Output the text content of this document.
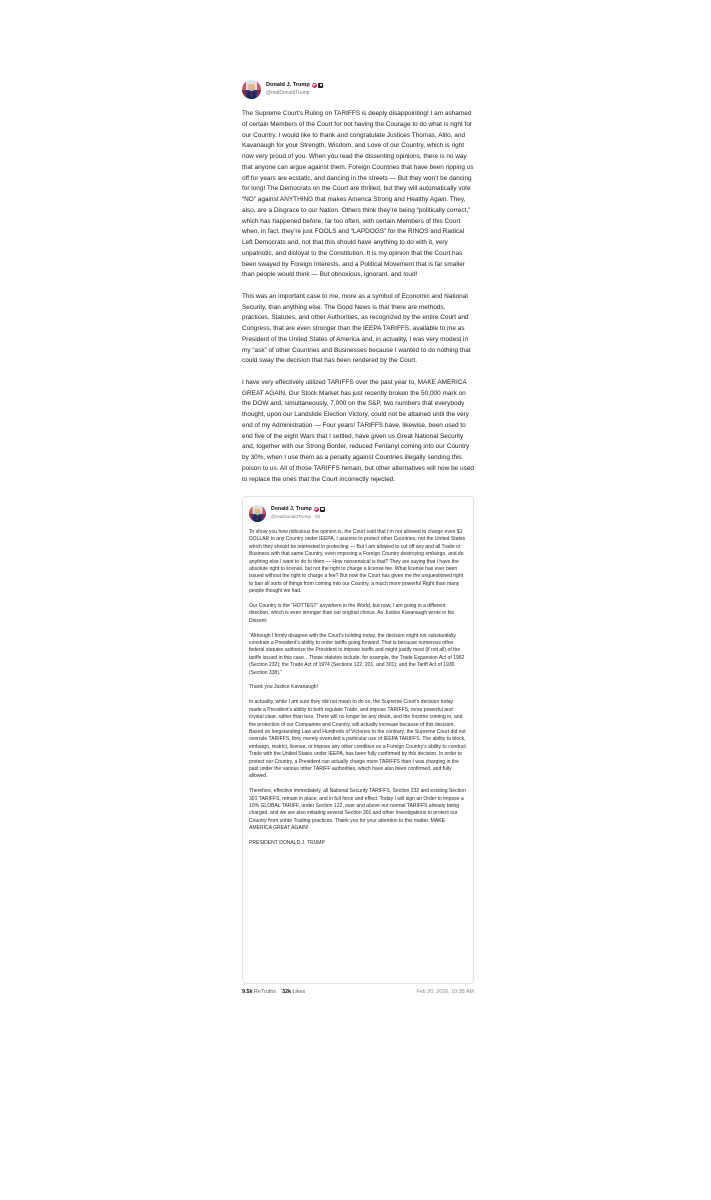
Donald J. Trump
@realDonaldTrump

The Supreme Court’s Ruling on TARIFFS is deeply disappointing! I am ashamed of certain Members of the Court for not having the Courage to do what is right for our Country. I would like to thank and congratulate Justices Thomas, Alito, and Kavanaugh for your Strength, Wisdom, and Love of our Country, which is right now very proud of you. When you read the dissenting opinions, there is no way that anyone can argue against them. Foreign Countries that have been ripping us off for years are ecstatic, and dancing in the streets — But they won’t be dancing for long! The Democrats on the Court are thrilled, but they will automatically vote “NO” against ANYTHING that makes America Strong and Healthy Again. They, also, are a Disgrace to our Nation. Others think they’re being “politically correct,” which has happened before, far too often, with certain Members of this Court when, in fact, they’re just FOOLS and “LAPDOGS” for the RINOS and Radical Left Democrats and, not that this should have anything to do with it, very unpatriotic, and disloyal to the Constitution. It is my opinion that the Court has been swayed by Foreign Interests, and a Political Movement that is far smaller than people would think — But obnoxious, ignorant, and loud!

This was an important case to me, more as a symbol of Economic and National Security, than anything else. The Good News is that there are methods, practices, Statutes, and other Authorities, as recognized by the entire Court and Congress, that are even stronger than the IEEPA TARIFFS, available to me as President of the United States of America and, in actuality, I was very modest in my “ask” of other Countries and Businesses because I wanted to do nothing that could sway the decision that has been rendered by the Court.

I have very effectively utilized TARIFFS over the past year to, MAKE AMERICA GREAT AGAIN. Our Stock Market has just recently broken the 50,000 mark on the DOW and, simultaneously, 7,000 on the S&P, two numbers that everybody thought, upon our Landslide Election Victory, could not be attained until the very end of my Administration — Four years! TARIFFS have, likewise, been used to end five of the eight Wars that I settled, have given us Great National Security and, together with our Strong Border, reduced Fentanyl coming into our Country by 30%, when I use them as a penalty against Countries illegally sending this poison to us. All of those TARIFFS remain, but other alternatives will now be used to replace the ones that the Court incorrectly rejected.

Donald J. Trump
@realDonaldTrump · 5h

To show you how ridiculous the opinion is, the Court said that I’m not allowed to charge even $1 DOLLAR to any Country under IEEPA, I assume to protect other Countries, not the United States which they should be interested in protecting — But I am allowed to cut off any and all Trade or Business with that same Country, even imposing a Foreign Country destroying embargo, and do anything else I want to do to them — How nonsensical is that? They are saying that I have the absolute right to license, but not the right to charge a license fee. What license has ever been issued without the right to charge a fee? But now the Court has given me the unquestioned right to ban all sorts of things from coming into our Country, a much more powerful Right than many people thought we had.

Our Country is the “HOTTEST” anywhere in the World, but now, I am going in a different direction, which is even stronger than our original choice. As Justice Kavanaugh wrote in his Dissent:

“Although I firmly disagree with the Court’s holding today, the decision might not substantially constrain a President’s ability to order tariffs going forward. That is because numerous other federal statutes authorize the President to impose tariffs and might justify most (if not all) of the tariffs issued in this case…Those statutes include, for example, the Trade Expansion Act of 1962 (Section 232); the Trade Act of 1974 (Sections 122, 201, and 301); and the Tariff Act of 1930 (Section 338).”

Thank you Justice Kavanaugh!

In actuality, while I am sure they did not mean to do so, the Supreme Court’s decision today made a President’s ability to both regulate Trade, and impose TARIFFS, more powerful and crystal clear, rather than less. There will no longer be any doubt, and the Income coming in, and the protection of our Companies and Country, will actually increase because of this decision. Based on longstanding Law and Hundreds of Victories to the contrary, the Supreme Court did not overrule TARIFFS, they merely overruled a particular use of IEEPA TARIFFS. The ability to block, embargo, restrict, license, or impose any other condition on a Foreign Country’s ability to conduct Trade with the United States under IEEPA, has been fully confirmed by this decision. In order to protect our Country, a President can actually charge more TARIFFS than I was charging in the past under the various other TARIFF authorities, which have also been confirmed, and fully allowed.

Therefore, effective immediately, all National Security TARIFFS, Section 232 and existing Section 301 TARIFFS, remain in place, and in full force and effect. Today I will sign an Order to impose a 10% GLOBAL TARIFF, under Section 122, over and above our normal TARIFFS already being charged, and we are also initiating several Section 301 and other Investigations to protect our Country from unfair Trading practices. Thank you for your attention to this matter. MAKE AMERICA GREAT AGAIN!

PRESIDENT DONALD J. TRUMP

9.5k ReTruths 32k Likes	Feb 20, 2026, 10:38 AM
